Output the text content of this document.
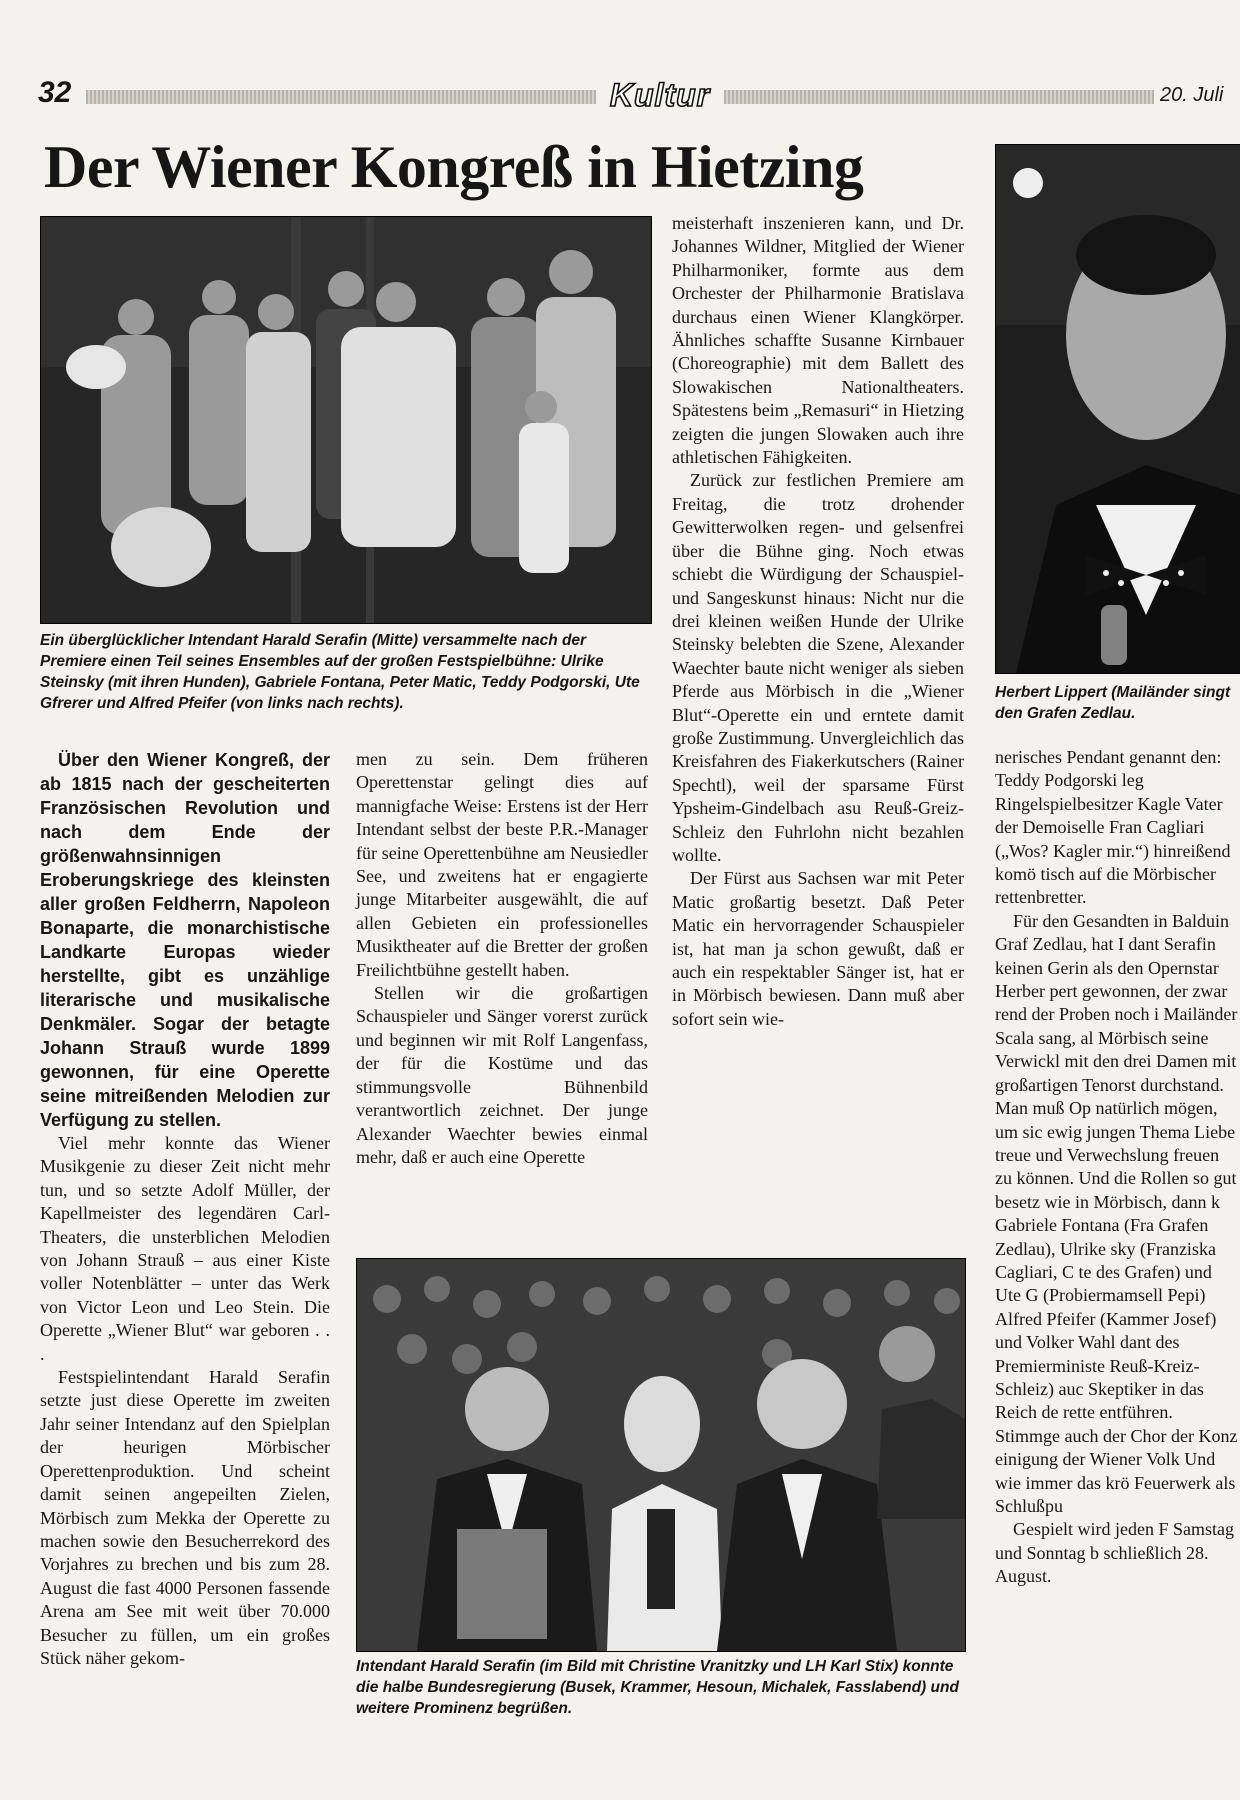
32	Kultur	20. Juli
Der Wiener Kongreß in Hietzing
Ein überglücklicher Intendant Harald Serafin (Mitte) versammelte nach der Premiere einen Teil seines Ensembles auf der großen Festspielbühne: Ulrike Steinsky (mit ihren Hunden), Gabriele Fontana, Peter Matic, Teddy Podgorski, Ute Gfrerer und Alfred Pfeifer (von links nach rechts).
Herbert Lippert (Mailänder singt den Grafen Zedlau.

Über den Wiener Kongreß, der ab 1815 nach der gescheiterten Französischen Revolution und nach dem Ende der größenwahnsinnigen Eroberungskriege des kleinsten aller großen Feldherrn, Napoleon Bonaparte, die monarchistische Landkarte Europas wieder herstellte, gibt es unzählige literarische und musikalische Denkmäler. Sogar der betagte Johann Strauß wurde 1899 gewonnen, für eine Operette seine mitreißenden Melodien zur Verfügung zu stellen.

Viel mehr konnte das Wiener Musikgenie zu dieser Zeit nicht mehr tun, und so setzte Adolf Müller, der Kapellmeister des legendären Carl-Theaters, die unsterblichen Melodien von Johann Strauß – aus einer Kiste voller Notenblätter – unter das Werk von Victor Leon und Leo Stein. Die Operette „Wiener Blut“ war geboren . . .

Festspielintendant Harald Serafin setzte just diese Operette im zweiten Jahr seiner Intendanz auf den Spielplan der heurigen Mörbischer Operettenproduktion. Und scheint damit seinen angepeilten Zielen, Mörbisch zum Mekka der Operette zu machen sowie den Besucherrekord des Vorjahres zu brechen und bis zum 28. August die fast 4000 Personen fassende Arena am See mit weit über 70.000 Besucher zu füllen, um ein großes Stück näher gekom-

men zu sein. Dem früheren Operettenstar gelingt dies auf mannigfache Weise: Erstens ist der Herr Intendant selbst der beste P.R.-Manager für seine Operettenbühne am Neusiedler See, und zweitens hat er engagierte junge Mitarbeiter ausgewählt, die auf allen Gebieten ein professionelles Musiktheater auf die Bretter der großen Freilichtbühne gestellt haben.

Stellen wir die großartigen Schauspieler und Sänger vorerst zurück und beginnen wir mit Rolf Langenfass, der für die Kostüme und das stimmungsvolle Bühnenbild verantwortlich zeichnet. Der junge Alexander Waechter bewies einmal mehr, daß er auch eine Operette

meisterhaft inszenieren kann, und Dr. Johannes Wildner, Mitglied der Wiener Philharmoniker, formte aus dem Orchester der Philharmonie Bratislava durchaus einen Wiener Klangkörper. Ähnliches schaffte Susanne Kirnbauer (Choreographie) mit dem Ballett des Slowakischen Nationaltheaters. Spätestens beim „Remasuri“ in Hietzing zeigten die jungen Slowaken auch ihre athletischen Fähigkeiten.

Zurück zur festlichen Premiere am Freitag, die trotz drohender Gewitterwolken regen- und gelsenfrei über die Bühne ging. Noch etwas schiebt die Würdigung der Schauspiel- und Sangeskunst hinaus: Nicht nur die drei kleinen weißen Hunde der Ulrike Steinsky belebten die Szene, Alexander Waechter baute nicht weniger als sieben Pferde aus Mörbisch in die „Wiener Blut“-Operette ein und erntete damit große Zustimmung. Unvergleichlich das Kreisfahren des Fiakerkutschers (Rainer Spechtl), weil der sparsame Fürst Ypsheim-Gindelbach asu Reuß-Greiz-Schleiz den Fuhrlohn nicht bezahlen wollte.

Der Fürst aus Sachsen war mit Peter Matic großartig besetzt. Daß Peter Matic ein hervorragender Schauspieler ist, hat man ja schon gewußt, daß er auch ein respektabler Sänger ist, hat er in Mörbisch bewiesen. Dann muß aber sofort sein wie-

nerisches Pendant genannt den: Teddy Podgorski leg Ringelspielbesitzer Kagle Vater der Demoiselle Fran Cagliari („Wos? Kagler mir.“) hinreißend komö tisch auf die Mörbischer rettenbretter.

Für den Gesandten in Balduin Graf Zedlau, hat I dant Serafin keinen Gerin als den Opernstar Herber pert gewonnen, der zwar rend der Proben noch i Mailänder Scala sang, al Mörbisch seine Verwickl mit den drei Damen mit großartigen Tenorst durchstand. Man muß Op natürlich mögen, um sic ewig jungen Thema Liebe treue und Verwechslung freuen zu können. Und die Rollen so gut besetz wie in Mörbisch, dann k Gabriele Fontana (Fra Grafen Zedlau), Ulrike sky (Franziska Cagliari, C te des Grafen) und Ute G (Probiermamsell Pepi) Alfred Pfeifer (Kammer Josef) und Volker Wahl dant des Premierministe Reuß-Kreiz-Schleiz) auc Skeptiker in das Reich de rette entführen. Stimmge auch der Chor der Konz einigung der Wiener Volk Und wie immer das krö Feuerwerk als Schlußpu

Gespielt wird jeden F Samstag und Sonntag b schließlich 28. August.

Intendant Harald Serafin (im Bild mit Christine Vranitzky und LH Karl Stix) konnte die halbe Bundesregierung (Busek, Krammer, Hesoun, Michalek, Fasslabend) und weitere Prominenz begrüßen.
